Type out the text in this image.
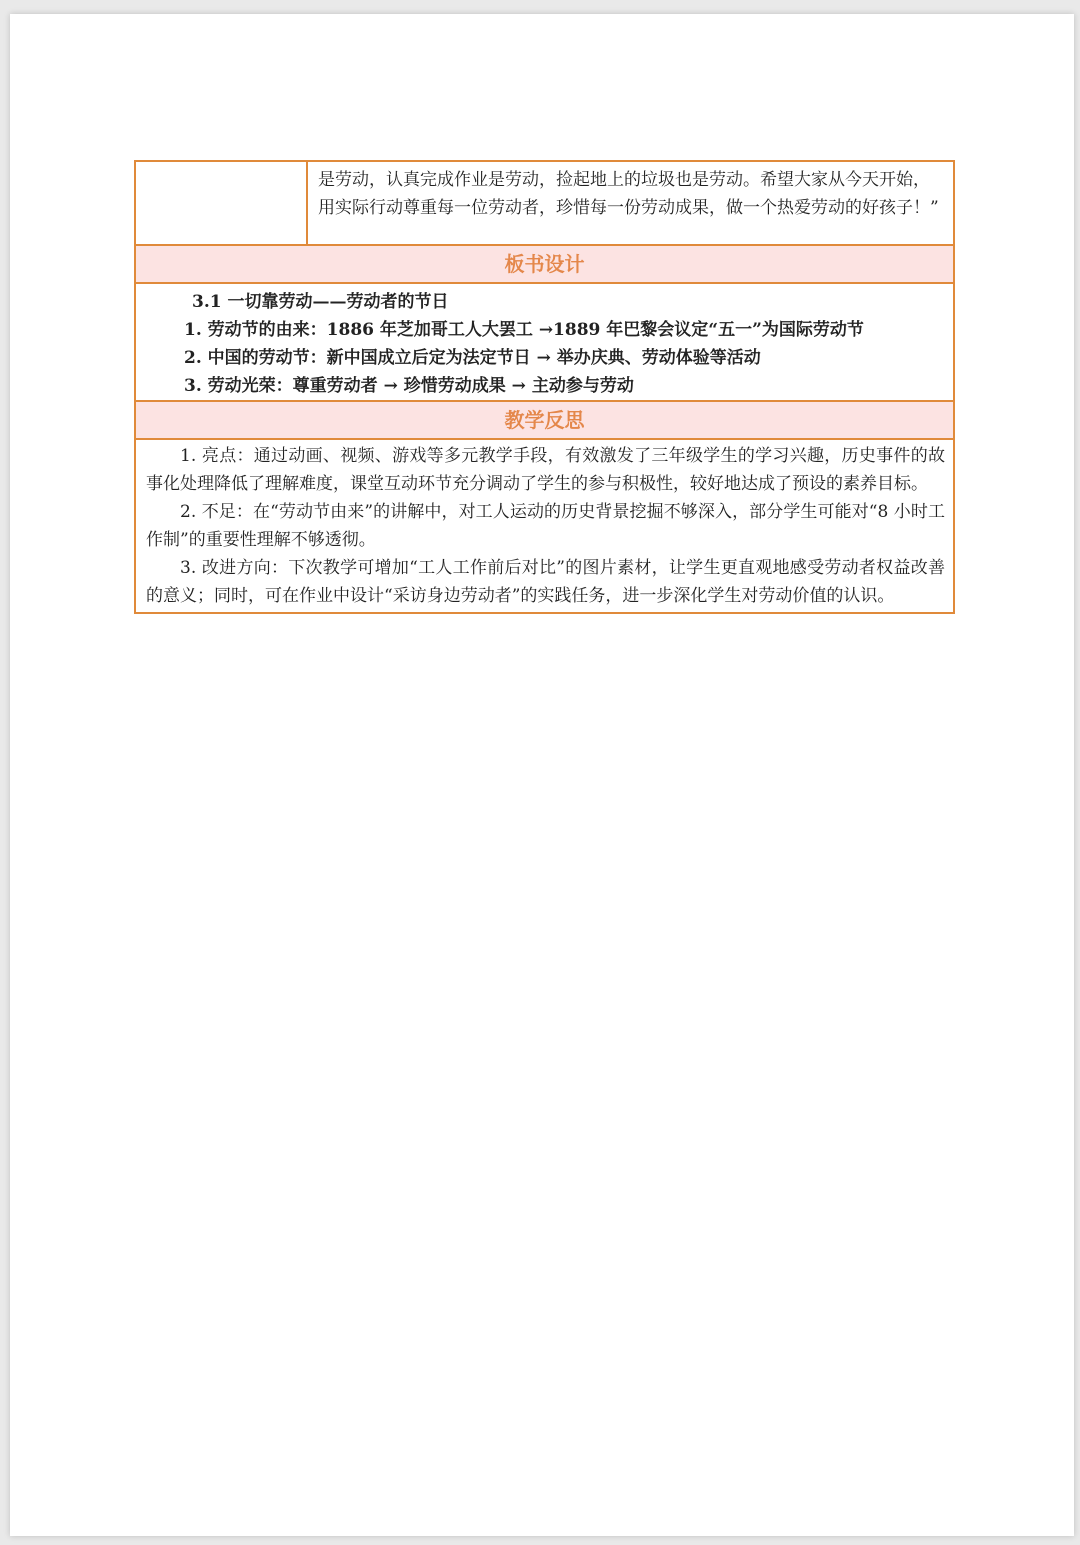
	是劳动，认真完成作业是劳动，捡起地上的垃圾也是劳动。希望大家从今天开始，用实际行动尊重每一位劳动者，珍惜每一份劳动成果，做一个热爱劳动的好孩子！”
板书设计

3.1 一切靠劳动——劳动者的节日
1. 劳动节的由来：1886 年芝加哥工人大罢工 →1889 年巴黎会议定“五一”为国际劳动节
2. 中国的劳动节：新中国成立后定为法定节日 → 举办庆典、劳动体验等活动
3. 劳动光荣：尊重劳动者 → 珍惜劳动成果 → 主动参与劳动

教学反思

1. 亮点：通过动画、视频、游戏等多元教学手段，有效激发了三年级学生的学习兴趣，历史事件的故事化处理降低了理解难度，课堂互动环节充分调动了学生的参与积极性，较好地达成了预设的素养目标。

2. 不足：在“劳动节由来”的讲解中，对工人运动的历史背景挖掘不够深入，部分学生可能对“8 小时工作制”的重要性理解不够透彻。

3. 改进方向：下次教学可增加“工人工作前后对比”的图片素材，让学生更直观地感受劳动者权益改善的意义；同时，可在作业中设计“采访身边劳动者”的实践任务，进一步深化学生对劳动价值的认识。
